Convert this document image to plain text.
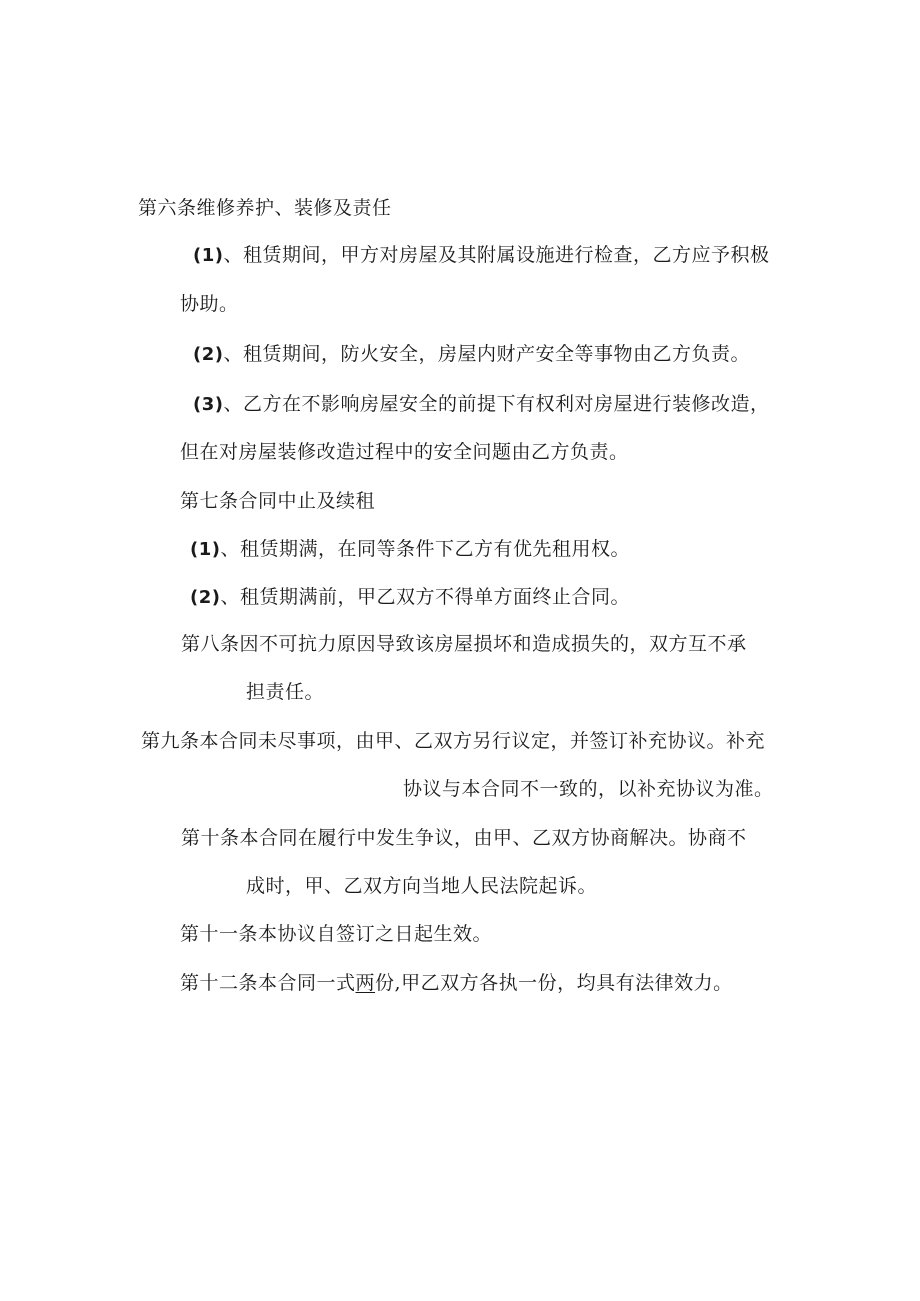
第六条维修养护、装修及责任
(1)、租赁期间，甲方对房屋及其附属设施进行检查，乙方应予积极
协助。
(2)、租赁期间，防火安全，房屋内财产安全等事物由乙方负责。
(3)、乙方在不影响房屋安全的前提下有权利对房屋进行装修改造，
但在对房屋装修改造过程中的安全问题由乙方负责。
第七条合同中止及续租
(1)、租赁期满，在同等条件下乙方有优先租用权。
(2)、租赁期满前，甲乙双方不得单方面终止合同。
第八条因不可抗力原因导致该房屋损坏和造成损失的，双方互不承
担责任。
第九条本合同未尽事项，由甲、乙双方另行议定，并签订补充协议。补充
协议与本合同不一致的，以补充协议为准。
第十条本合同在履行中发生争议，由甲、乙双方协商解决。协商不
成时，甲、乙双方向当地人民法院起诉。
第十一条本协议自签订之日起生效。
第十二条本合同一式两份,甲乙双方各执一份，均具有法律效力。
